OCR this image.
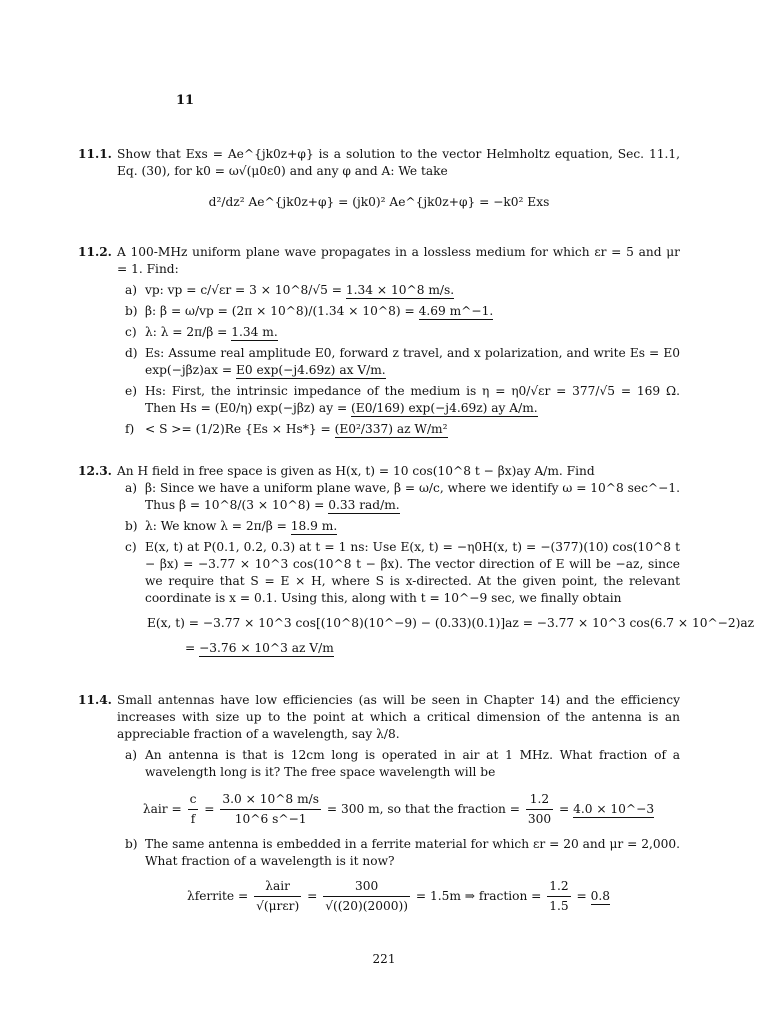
11
11.1. Show that Exs = Ae^{jk0z+φ} is a solution to the vector Helmholtz equation, Sec. 11.1, Eq. (30), for k0 = ω√(μ0ε0) and any φ and A: We take
d²/dz² Ae^{jk0z+φ} = (jk0)² Ae^{jk0z+φ} = −k0² Exs
11.2. A 100-MHz uniform plane wave propagates in a lossless medium for which εr = 5 and μr = 1. Find:
a) vp: vp = c/√εr = 3 × 10^8/√5 = 1.34 × 10^8 m/s.
b) β: β = ω/vp = (2π × 10^8)/(1.34 × 10^8) = 4.69 m^−1.
c) λ: λ = 2π/β = 1.34 m.
d) Es: Assume real amplitude E0, forward z travel, and x polarization, and write Es = E0 exp(−jβz)ax = E0 exp(−j4.69z) ax V/m.
e) Hs: First, the intrinsic impedance of the medium is η = η0/√εr = 377/√5 = 169 Ω. Then Hs = (E0/η) exp(−jβz) ay = (E0/169) exp(−j4.69z) ay A/m.
f) < S >= (1/2)Re {Es × Hs*} = (E0²/337) az W/m²
12.3. An H field in free space is given as H(x, t) = 10 cos(10^8 t − βx)ay A/m. Find
a) β: Since we have a uniform plane wave, β = ω/c, where we identify ω = 10^8 sec^−1. Thus β = 10^8/(3 × 10^8) = 0.33 rad/m.
b) λ: We know λ = 2π/β = 18.9 m.
c) E(x, t) at P(0.1, 0.2, 0.3) at t = 1 ns: Use E(x, t) = −η0H(x, t) = −(377)(10) cos(10^8 t − βx) = −3.77 × 10^3 cos(10^8 t − βx). The vector direction of E will be −az, since we require that S = E × H, where S is x-directed. At the given point, the relevant coordinate is x = 0.1. Using this, along with t = 10^−9 sec, we finally obtain
E(x, t) = −3.77 × 10^3 cos[(10^8)(10^−9) − (0.33)(0.1)]az = −3.77 × 10^3 cos(6.7 × 10^−2)az
= −3.76 × 10^3 az V/m
11.4. Small antennas have low efficiencies (as will be seen in Chapter 14) and the efficiency increases with size up to the point at which a critical dimension of the antenna is an appreciable fraction of a wavelength, say λ/8.
a) An antenna is that is 12cm long is operated in air at 1 MHz. What fraction of a wavelength long is it? The free space wavelength will be
$\lambda air = \frac{c}{f} = \frac{3.0 \times 10\^{}8 m/s}{10\^{}6 s\^{}-1} = 300$ m, so that the fraction = $\frac{1.2}{300} = 4.0$ × 10^−3
b) The same antenna is embedded in a ferrite material for which εr = 20 and μr = 2,000. What fraction of a wavelength is it now?
λferrite = $\frac{\text{λair}}{\text{√(μrεr)}} = \frac{300}{√((20)(2000))} = 1.5m$ ⇒ fraction = $\frac{1.2}{1.5} = 0.8$
221
